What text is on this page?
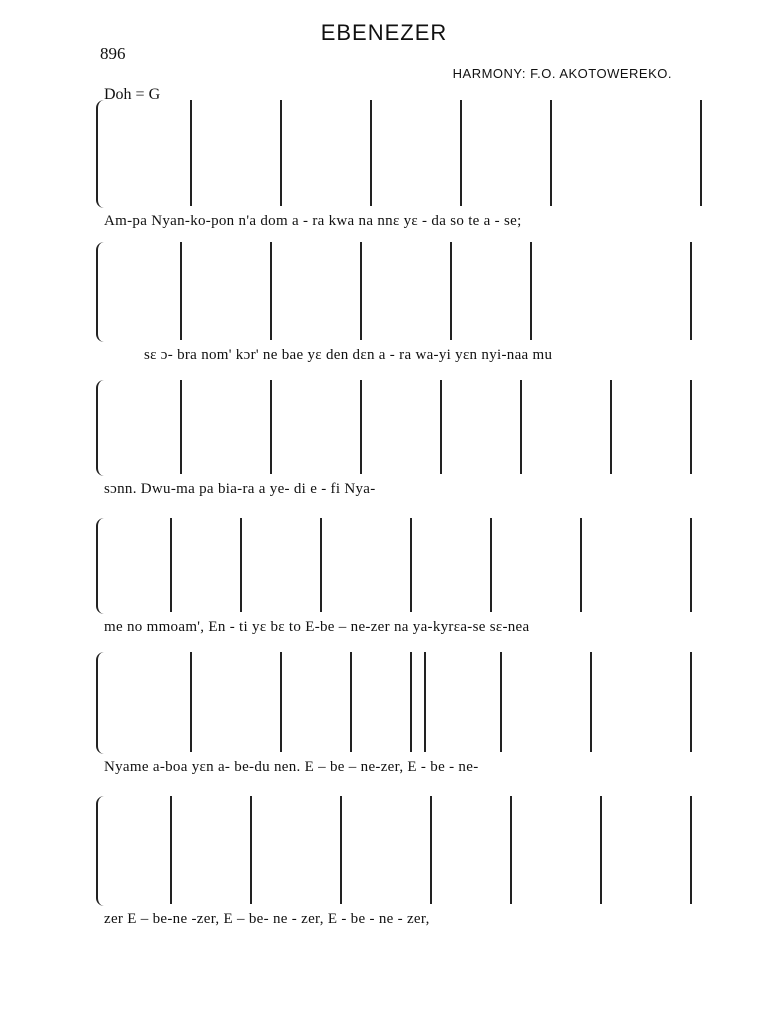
896
EBENEZER
HARMONY: F.O. AKOTOWEREKO.
Doh = G
Am-pa Nyan-ko-pon n'a dom a - ra kwa na nnɛ yɛ - da so te a - se;
sɛ ɔ- bra nom' kɔr' ne bae yɛ den dɛn a - ra wa-yi yɛn nyi-naa mu
sɔnn. Dwu-ma pa bia-ra a ye- di e - fi Nya-
me no mmoam', En - ti yɛ bɛ to E-be – ne-zer na ya-kyrɛa-se sɛ-nea
Nyame a-boa yɛn a- be-du nen. E – be – ne-zer, E - be - ne-
zer E – be-ne -zer, E – be- ne - zer, E - be - ne - zer,
